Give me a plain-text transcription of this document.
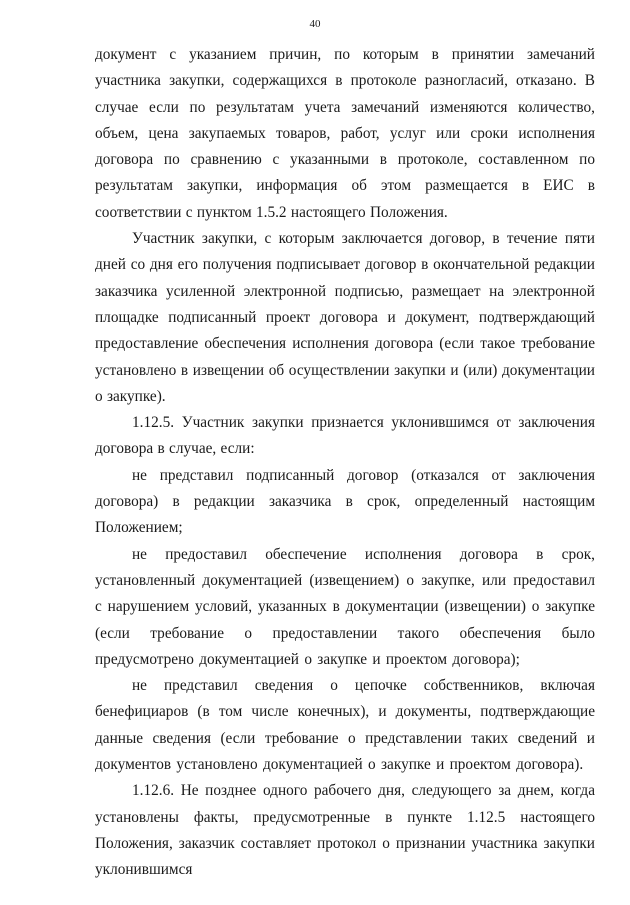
40

документ с указанием причин, по которым в принятии замечаний участника закупки, содержащихся в протоколе разногласий, отказано. В случае если по результатам учета замечаний изменяются количество, объем, цена закупаемых товаров, работ, услуг или сроки исполнения договора по сравнению с указанными в протоколе, составленном по результатам закупки, информация об этом размещается в ЕИС в соответствии с пунктом 1.5.2 настоящего Положения.

Участник закупки, с которым заключается договор, в течение пяти дней со дня его получения подписывает договор в окончательной редакции заказчика усиленной электронной подписью, размещает на электронной площадке подписанный проект договора и документ, подтверждающий предоставление обеспечения исполнения договора (если такое требование установлено в извещении об осуществлении закупки и (или) документации о закупке).

1.12.5. Участник закупки признается уклонившимся от заключения договора в случае, если:

не представил подписанный договор (отказался от заключения договора) в редакции заказчика в срок, определенный настоящим Положением;

не предоставил обеспечение исполнения договора в срок, установленный документацией (извещением) о закупке, или предоставил с нарушением условий, указанных в документации (извещении) о закупке (если требование о предоставлении такого обеспечения было предусмотрено документацией о закупке и проектом договора);

не представил сведения о цепочке собственников, включая бенефициаров (в том числе конечных), и документы, подтверждающие данные сведения (если требование о представлении таких сведений и документов установлено документацией о закупке и проектом договора).

1.12.6. Не позднее одного рабочего дня, следующего за днем, когда установлены факты, предусмотренные в пункте 1.12.5 настоящего Положения, заказчик составляет протокол о признании участника закупки уклонившимся
